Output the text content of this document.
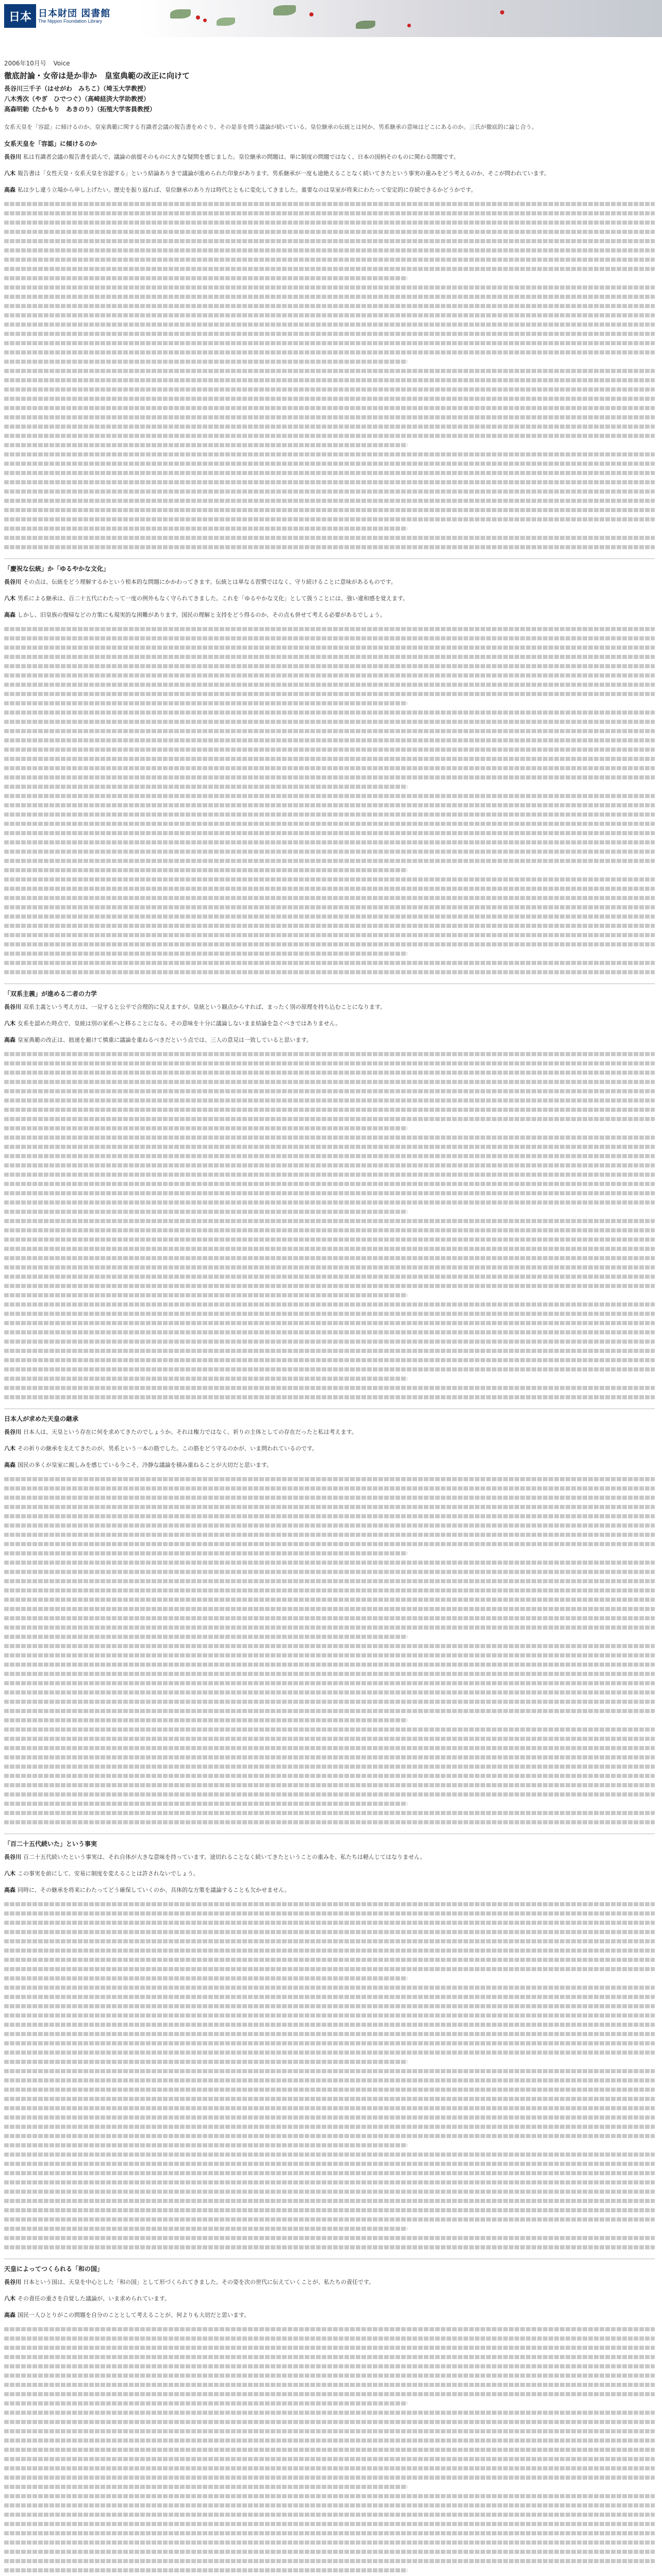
日本 日本財団 図書館
The Nippon Foundation Library
2006年10月号 Voice
徹底討論・女帝は是か非か　皇室典範の改正に向けて
長谷川三千子（はせがわ　みちこ）（埼玉大学教授）
八木秀次（やぎ　ひでつぐ）（高崎経済大学助教授）
高森明勅（たかもり　あきのり）（拓殖大学客員教授）

女系天皇を「容認」に傾けるのか。皇室典範に関する有識者会議の報告書をめぐり、その是非を問う議論が続いている。皇位継承の伝統とは何か、男系継承の意味はどこにあるのか。三氏が徹底的に論じ合う。

女系天皇を「容認」に傾けるのか

長谷川 私は有識者会議の報告書を読んで、議論の前提そのものに大きな疑問を感じました。皇位継承の問題は、単に制度の問題ではなく、日本の国柄そのものに関わる問題です。

八木 報告書は「女性天皇・女系天皇を容認する」という結論ありきで議論が進められた印象があります。男系継承が一度も途絶えることなく続いてきたという事実の重みをどう考えるのか、そこが問われています。

高森 私は少し違う立場から申し上げたい。歴史を振り返れば、皇位継承のあり方は時代とともに変化してきました。重要なのは皇室が将来にわたって安定的に存続できるかどうかです。

「慶祝な伝統」か「ゆるやかな文化」

長谷川 その点は、伝統をどう理解するかという根本的な問題にかかわってきます。伝統とは単なる習慣ではなく、守り続けることに意味があるものです。

八木 男系による継承は、百二十五代にわたって一度の例外もなく守られてきました。これを「ゆるやかな文化」として扱うことには、強い違和感を覚えます。

高森 しかし、旧皇族の復帰などの方策にも現実的な困難があります。国民の理解と支持をどう得るのか、その点も併せて考える必要があるでしょう。

「双系主義」が進める二者の力学

長谷川 双系主義という考え方は、一見すると公平で合理的に見えますが、皇統という観点からすれば、まったく別の原理を持ち込むことになります。

八木 女系を認めた時点で、皇統は別の家系へと移ることになる。その意味を十分に議論しないまま結論を急ぐべきではありません。

高森 皇室典範の改正は、拙速を避けて慎重に議論を重ねるべきだという点では、三人の意見は一致していると思います。

日本人が求めた天皇の継承

長谷川 日本人は、天皇という存在に何を求めてきたのでしょうか。それは権力ではなく、祈りの主体としての存在だったと私は考えます。

八木 その祈りの継承を支えてきたのが、男系という一本の筋でした。この筋をどう守るのかが、いま問われているのです。

高森 国民の多くが皇室に親しみを感じている今こそ、冷静な議論を積み重ねることが大切だと思います。

「百二十五代続いた」という事実

長谷川 百二十五代続いたという事実は、それ自体が大きな意味を持っています。途切れることなく続いてきたということの重みを、私たちは軽んじてはなりません。

八木 この事実を前にして、安易に制度を変えることは許されないでしょう。

高森 同時に、その継承を将来にわたってどう確保していくのか、具体的な方策を議論することも欠かせません。

天皇によってつくられる「和の国」

長谷川 日本という国は、天皇を中心とした「和の国」として形づくられてきました。その姿を次の世代に伝えていくことが、私たちの責任です。

八木 その責任の重さを自覚した議論が、いま求められています。

高森 国民一人ひとりがこの問題を自分のこととして考えることが、何よりも大切だと思います。
